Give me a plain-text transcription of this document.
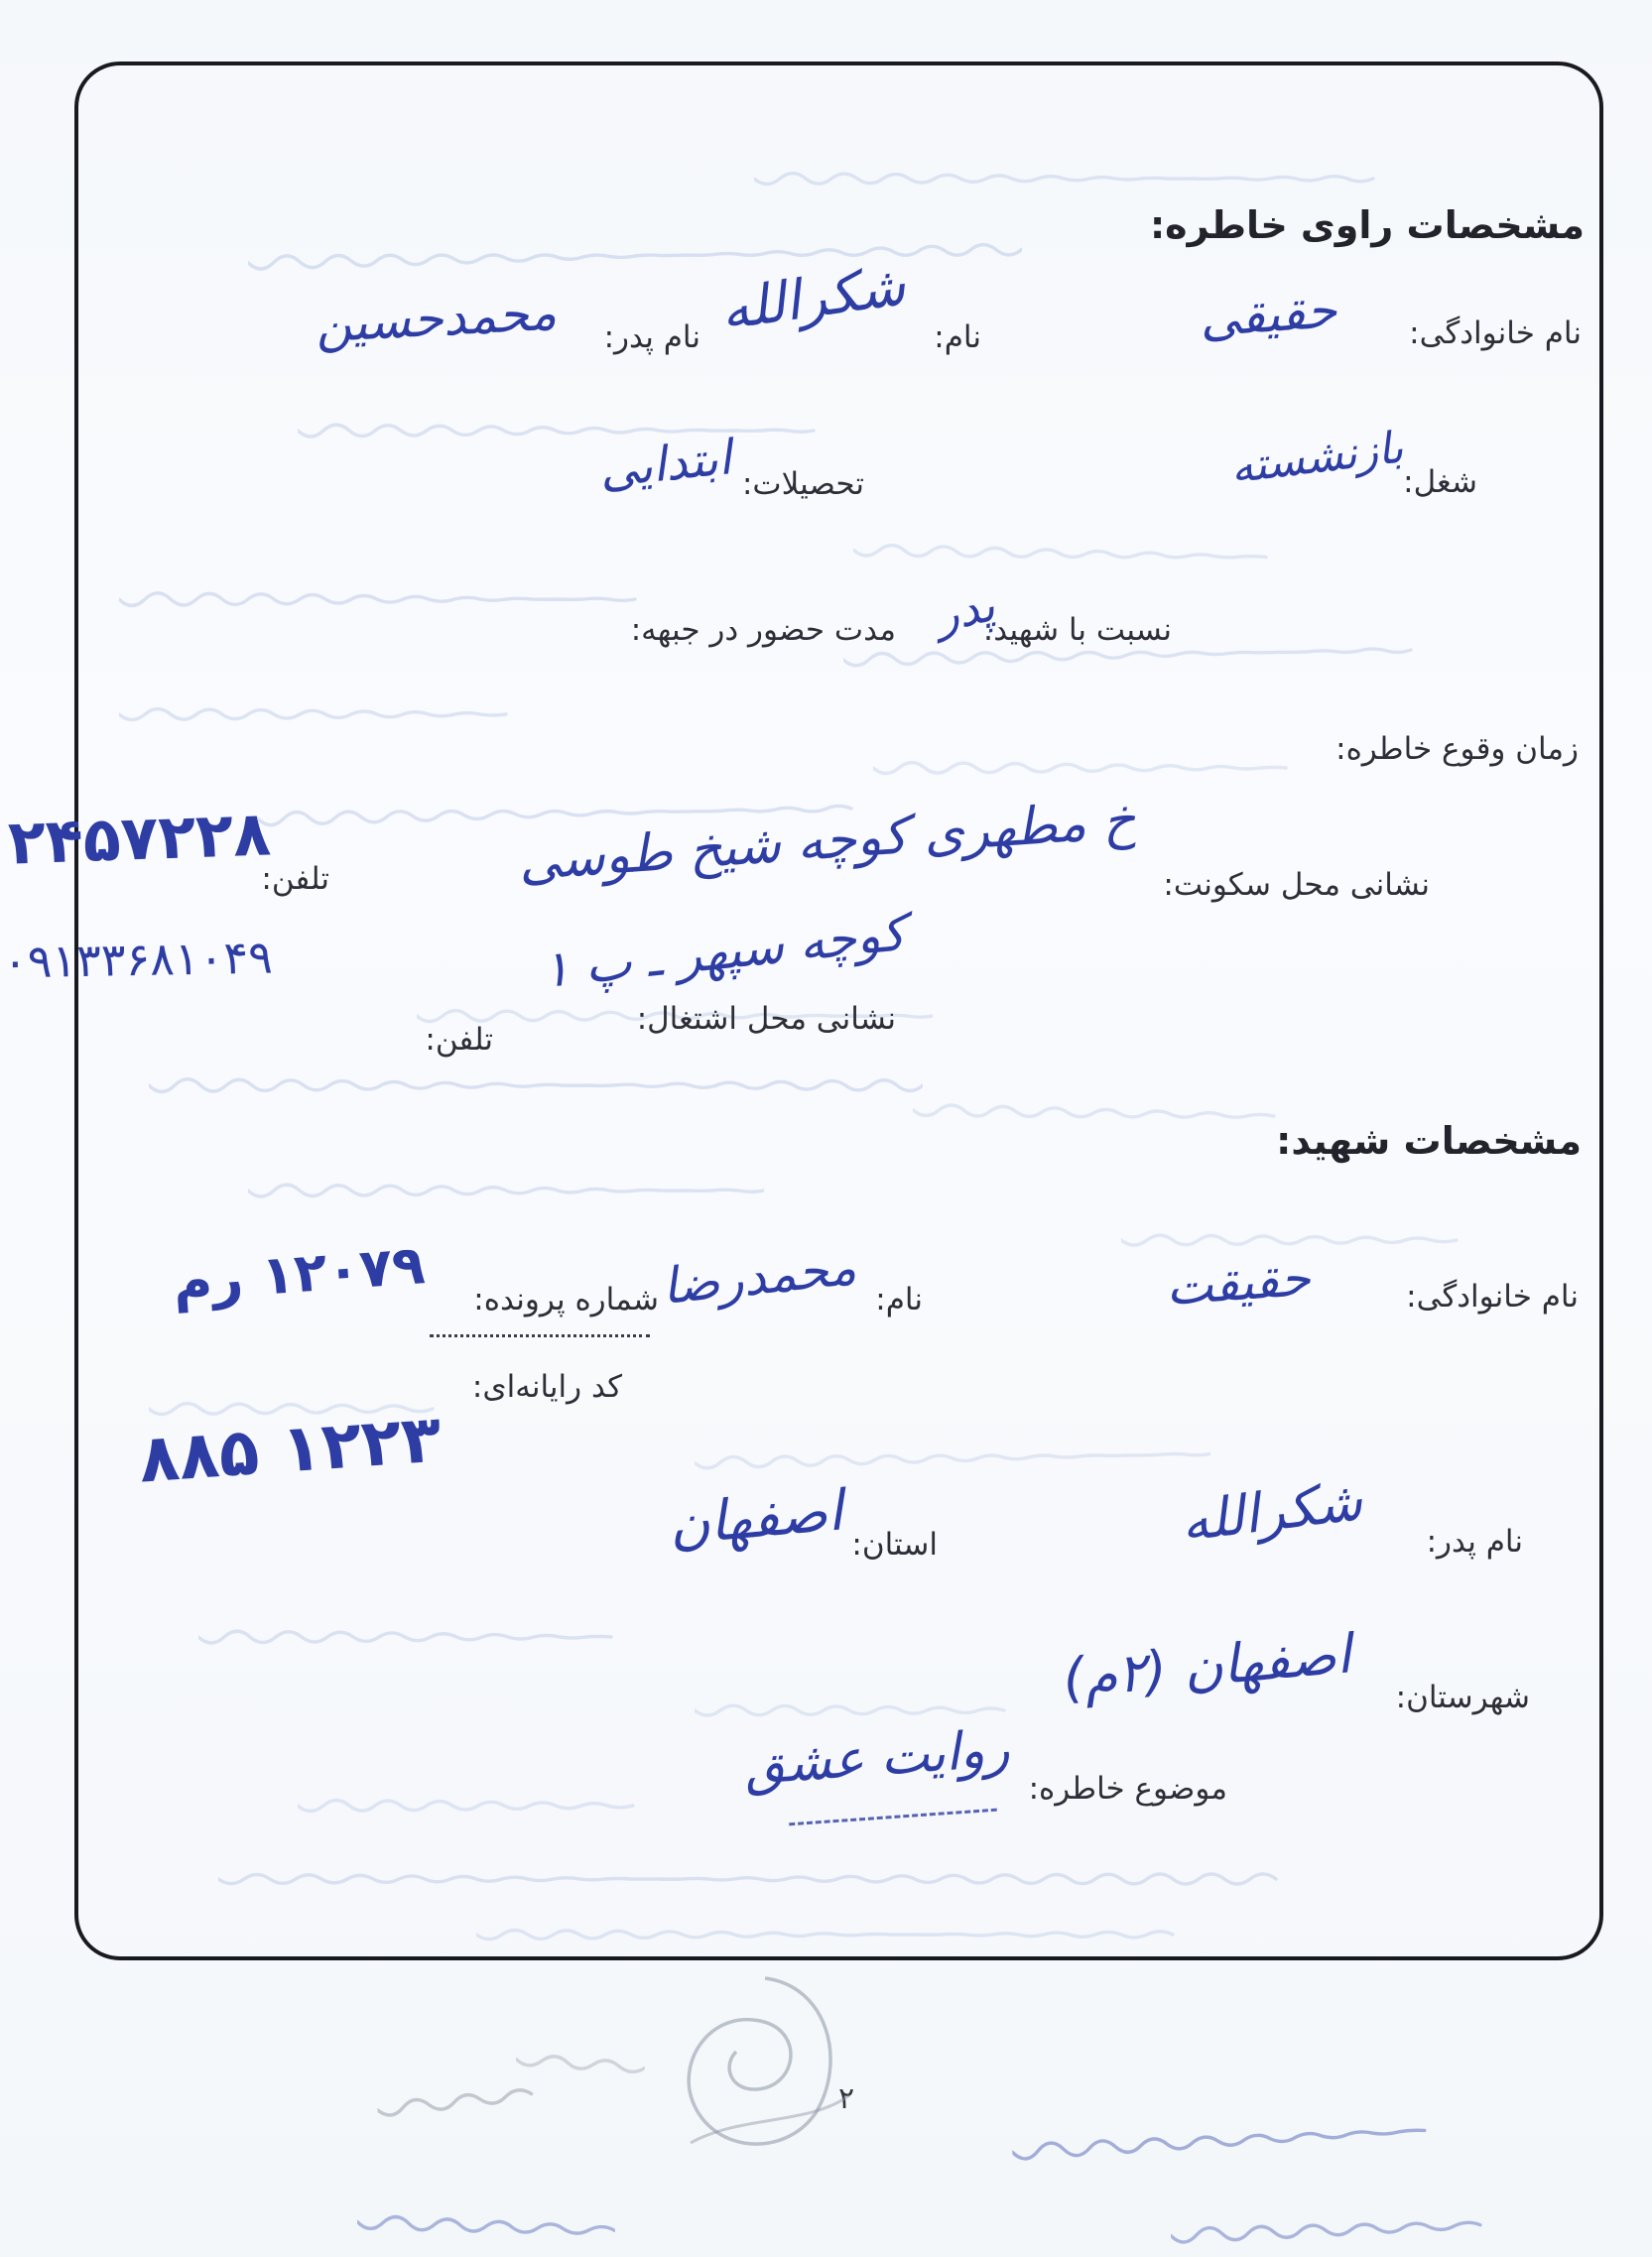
مشخصات راوی خاطره:
نام خانوادگی:
حقیقی
نام:
شکرالله
نام پدر:
محمدحسین
شغل:
بازنشسته
تحصیلات:
ابتدایی
نسبت با شهید:
پدر
مدت حضور در جبهه:
زمان وقوع خاطره:
نشانی محل سکونت:
خ مطهری کوچه شیخ طوسی
کوچه سپهر ـ پ ۱
تلفن:
۲۴۵۷۲۲۸
۰۹۱۳۳۶۸۱۰۴۹
نشانی محل اشتغال:
تلفن:
مشخصات شهید:
نام خانوادگی:
حقیقت
نام:
محمدرضا
شماره پرونده:
۱۲۰۷۹ رم
کد رایانه‌ای:
۱۲۲۳ ۸۸۵
نام پدر:
شکرالله
استان:
اصفهان
شهرستان:
اصفهان (۲م)
موضوع خاطره:
روایت عشق
۲
